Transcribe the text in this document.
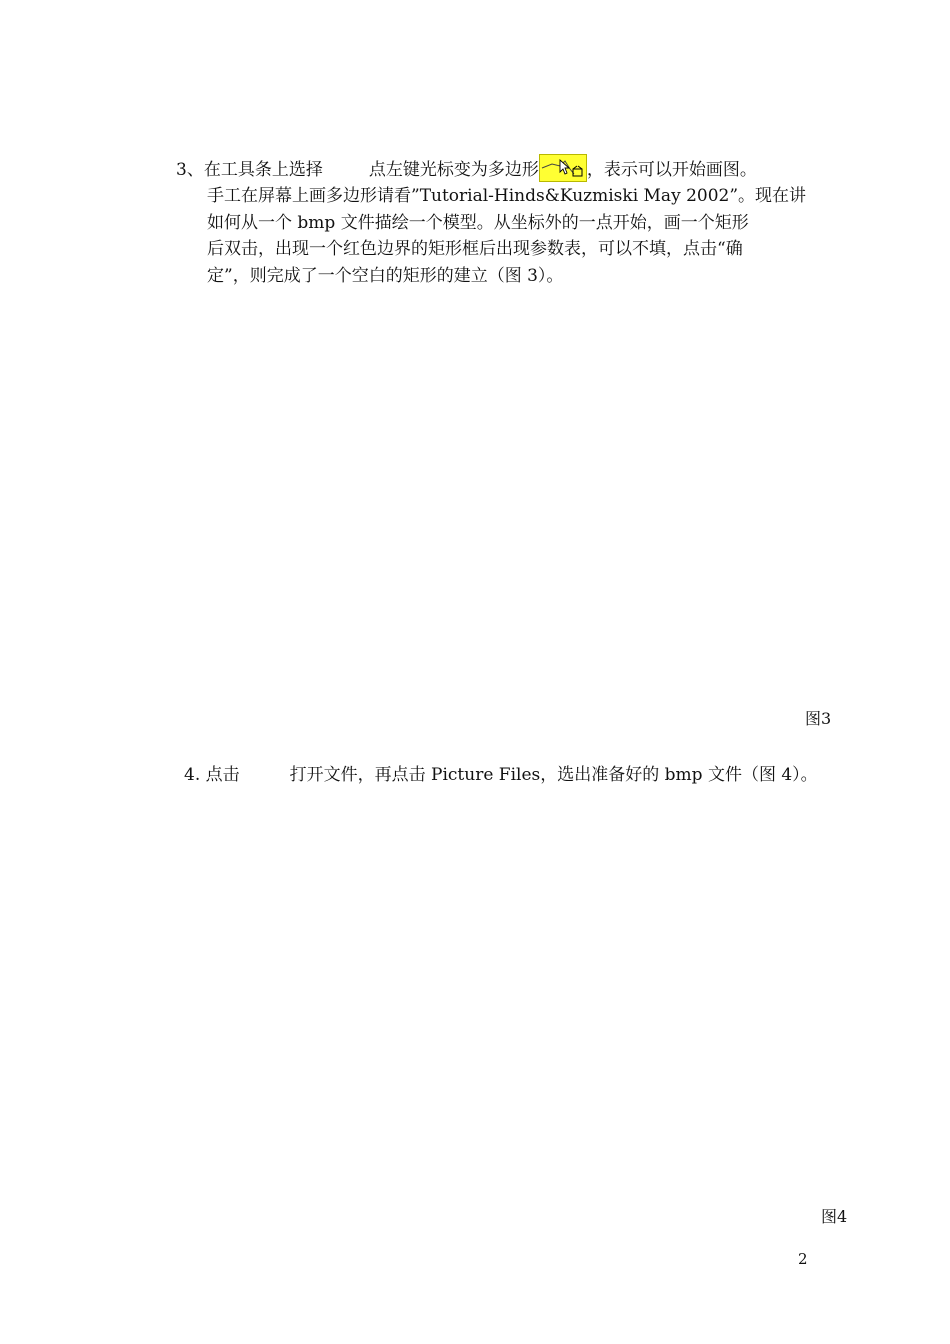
3、在工具条上选择	点左键光标变为多边形	，表示可以开始画图。
手工在屏幕上画多边形请看”Tutorial-Hinds&Kuzmiski May 2002”。现在讲
如何从一个 bmp 文件描绘一个模型。从坐标外的一点开始，画一个矩形
后双击，出现一个红色边界的矩形框后出现参数表，可以不填，点击“确
定”，则完成了一个空白的矩形的建立（图 3）。
图3
4. 点击	打开文件，再点击 Picture Files，选出准备好的 bmp 文件（图 4）。
图4
2
